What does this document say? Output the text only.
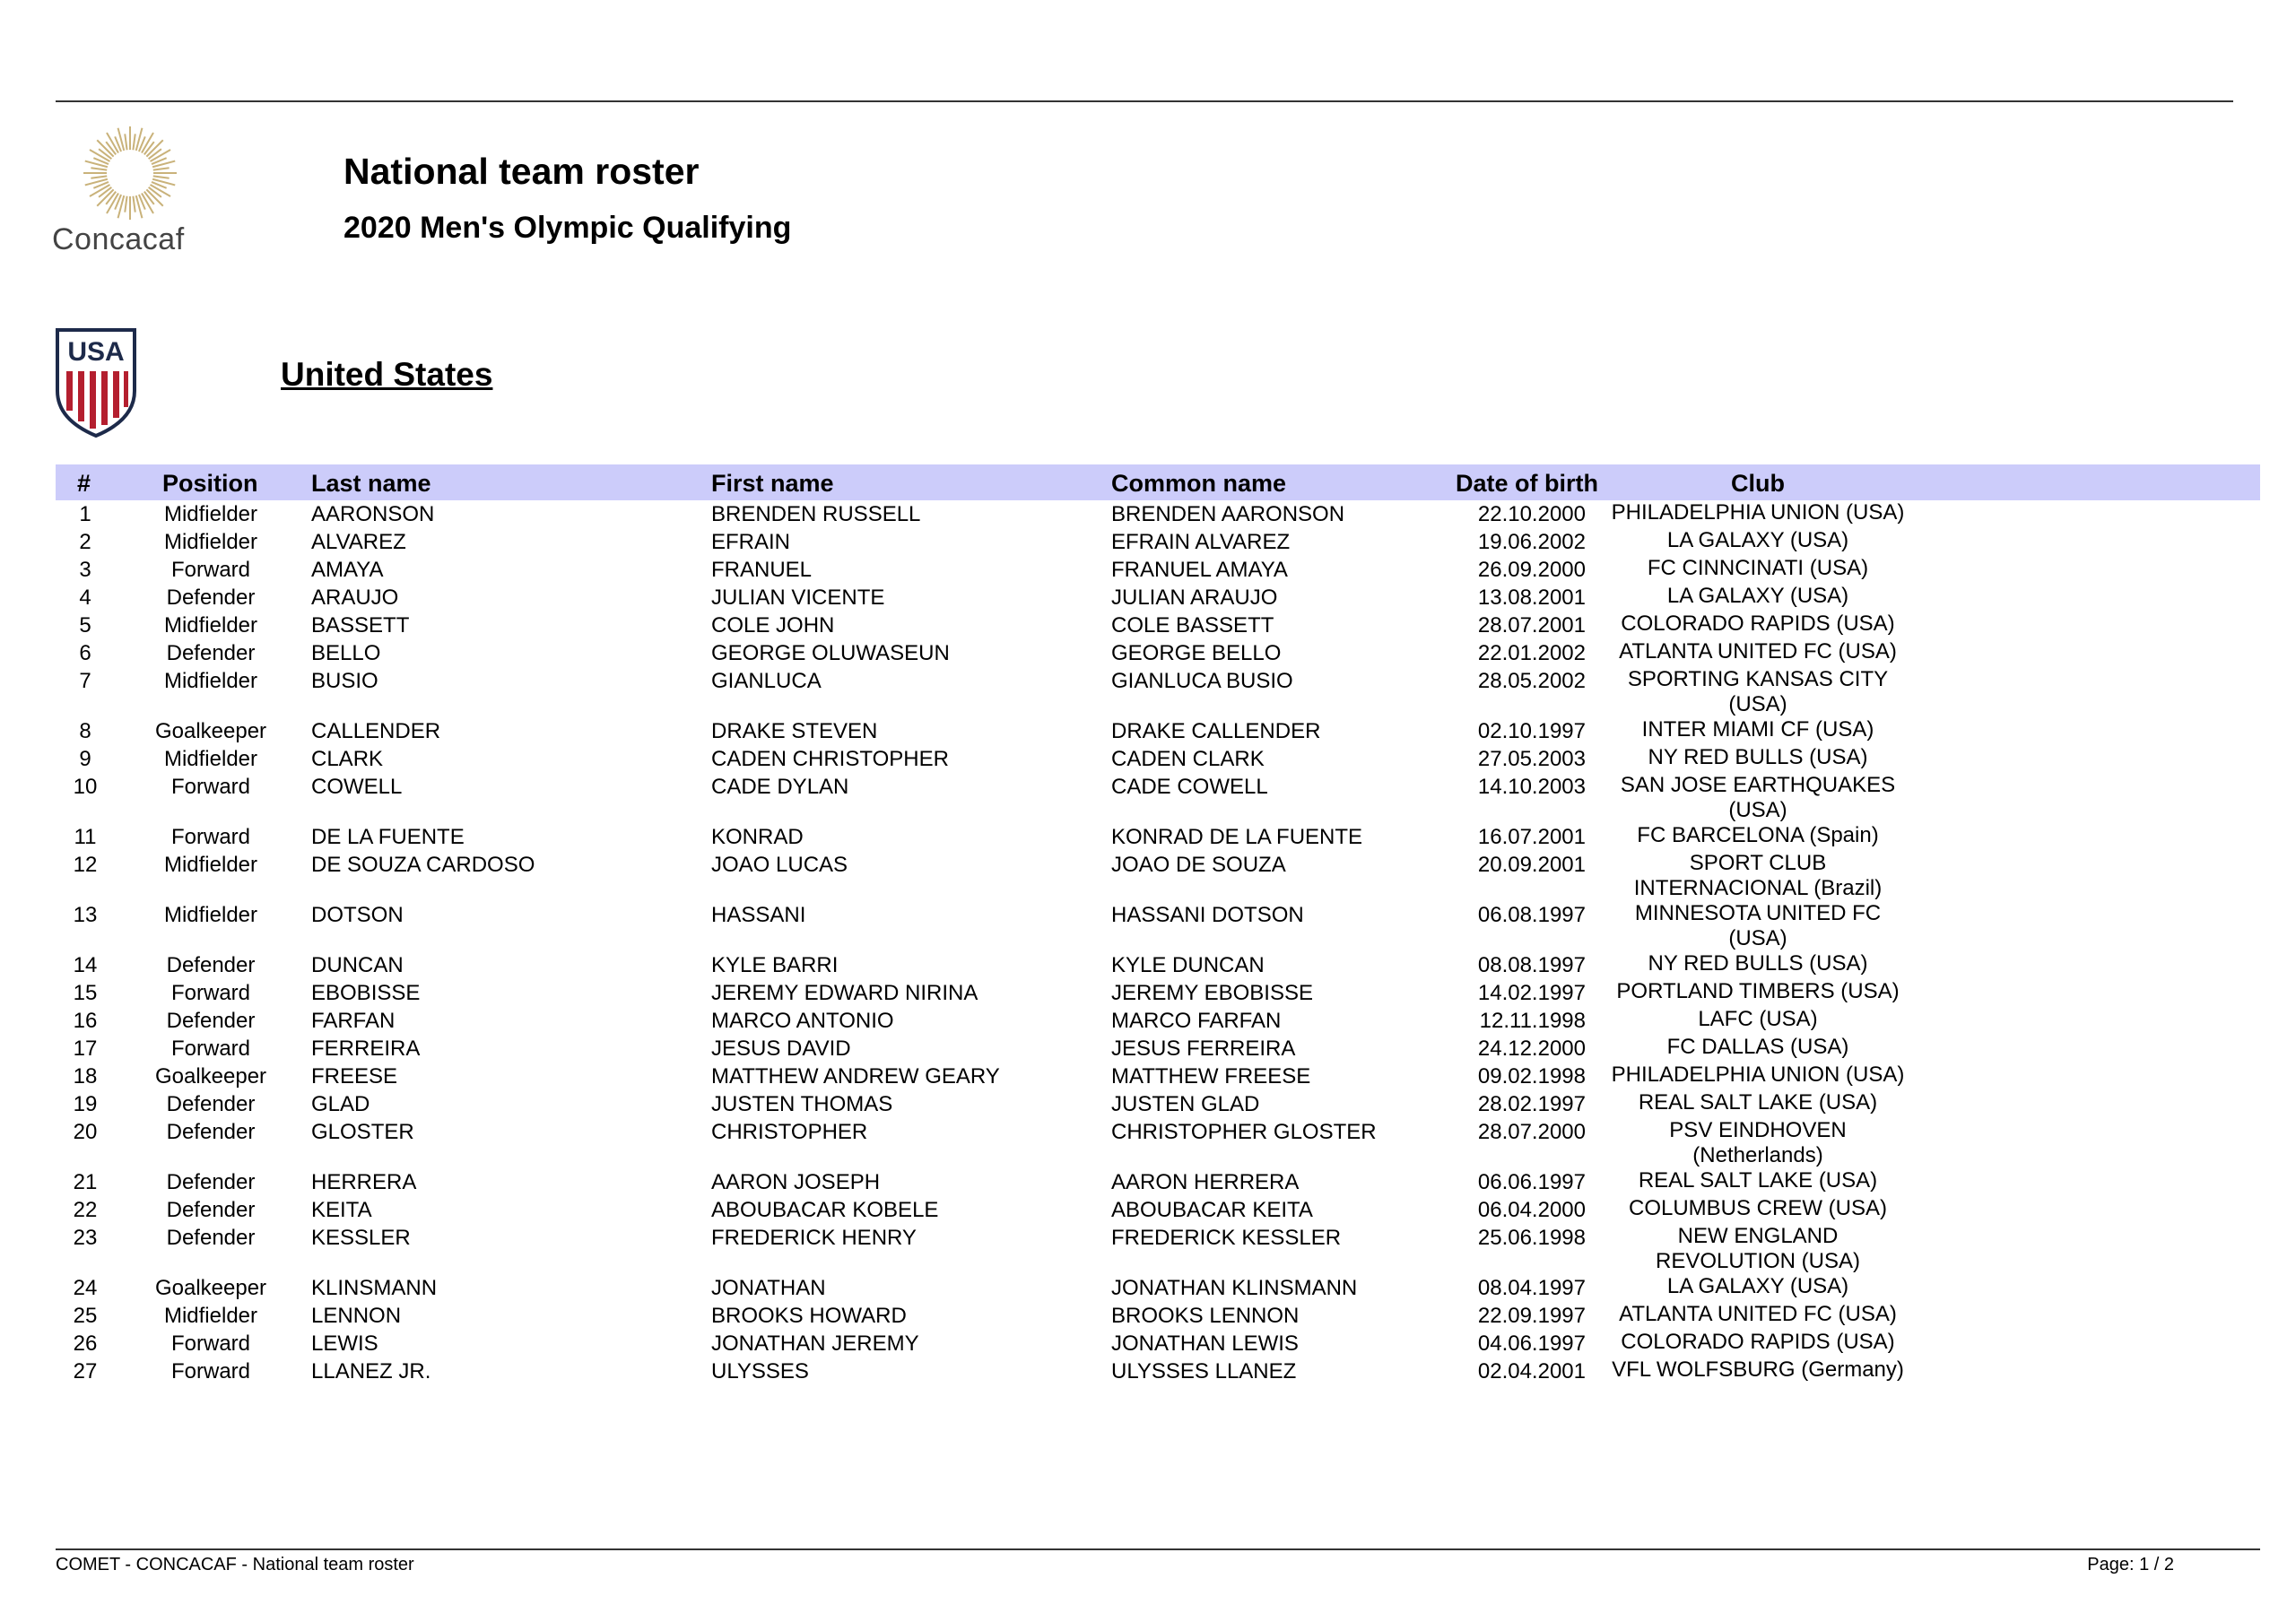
Concacaf
National team roster
2020 Men's Olympic Qualifying
USA
United States
#	Position Last name	First name	Common name	Date of birth	Club
1	Midfielder	AARONSON	BRENDEN RUSSELL	BRENDEN AARONSON	22.10.2000 PHILADELPHIA UNION (USA)
2	Midfielder	ALVAREZ	EFRAIN	EFRAIN ALVAREZ	19.06.2002	LA GALAXY (USA)
3	Forward	AMAYA	FRANUEL	FRANUEL AMAYA	26.09.2000	FC CINNCINATI (USA)
4	Defender	ARAUJO	JULIAN VICENTE	JULIAN ARAUJO	13.08.2001	LA GALAXY (USA)
5	Midfielder	BASSETT	COLE JOHN	COLE BASSETT	28.07.2001	COLORADO RAPIDS (USA)
6	Defender	BELLO	GEORGE OLUWASEUN	GEORGE BELLO	22.01.2002	ATLANTA UNITED FC (USA)
7	Midfielder	BUSIO	GIANLUCA	GIANLUCA BUSIO	28.05.2002	SPORTING KANSAS CITY (USA)
8	Goalkeeper	CALLENDER	DRAKE STEVEN	DRAKE CALLENDER	02.10.1997	INTER MIAMI CF (USA)
9	Midfielder	CLARK	CADEN CHRISTOPHER	CADEN CLARK	27.05.2003	NY RED BULLS (USA)
10	Forward	COWELL	CADE DYLAN	CADE COWELL	14.10.2003	SAN JOSE EARTHQUAKES (USA)
11	Forward	DE LA FUENTE	KONRAD	KONRAD DE LA FUENTE	16.07.2001	FC BARCELONA (Spain)
12	Midfielder	DE SOUZA CARDOSO	JOAO LUCAS	JOAO DE SOUZA	20.09.2001	SPORT CLUB INTERNACIONAL (Brazil)
13	Midfielder	DOTSON	HASSANI	HASSANI DOTSON	06.08.1997	MINNESOTA UNITED FC (USA)
14	Defender	DUNCAN	KYLE BARRI	KYLE DUNCAN	08.08.1997	NY RED BULLS (USA)
15	Forward	EBOBISSE	JEREMY EDWARD NIRINA	JEREMY EBOBISSE	14.02.1997	PORTLAND TIMBERS (USA)
16	Defender	FARFAN	MARCO ANTONIO	MARCO FARFAN	12.11.1998	LAFC (USA)
17	Forward	FERREIRA	JESUS DAVID	JESUS FERREIRA	24.12.2000	FC DALLAS (USA)
18	Goalkeeper	FREESE	MATTHEW ANDREW GEARY	MATTHEW FREESE	09.02.1998 PHILADELPHIA UNION (USA)
19	Defender	GLAD	JUSTEN THOMAS	JUSTEN GLAD	28.02.1997	REAL SALT LAKE (USA)
20	Defender	GLOSTER	CHRISTOPHER	CHRISTOPHER GLOSTER	28.07.2000	PSV EINDHOVEN (Netherlands)
21	Defender	HERRERA	AARON JOSEPH	AARON HERRERA	06.06.1997	REAL SALT LAKE (USA)
22	Defender	KEITA	ABOUBACAR KOBELE	ABOUBACAR KEITA	06.04.2000	COLUMBUS CREW (USA)
23	Defender	KESSLER	FREDERICK HENRY	FREDERICK KESSLER	25.06.1998	NEW ENGLAND REVOLUTION (USA)
24	Goalkeeper	KLINSMANN	JONATHAN	JONATHAN KLINSMANN	08.04.1997	LA GALAXY (USA)
25	Midfielder	LENNON	BROOKS HOWARD	BROOKS LENNON	22.09.1997	ATLANTA UNITED FC (USA)
26	Forward	LEWIS	JONATHAN JEREMY	JONATHAN LEWIS	04.06.1997	COLORADO RAPIDS (USA)
27	Forward	LLANEZ JR.	ULYSSES	ULYSSES LLANEZ	02.04.2001 VFL WOLFSBURG (Germany)
COMET - CONCACAF - National team roster	Page: 1 / 2
